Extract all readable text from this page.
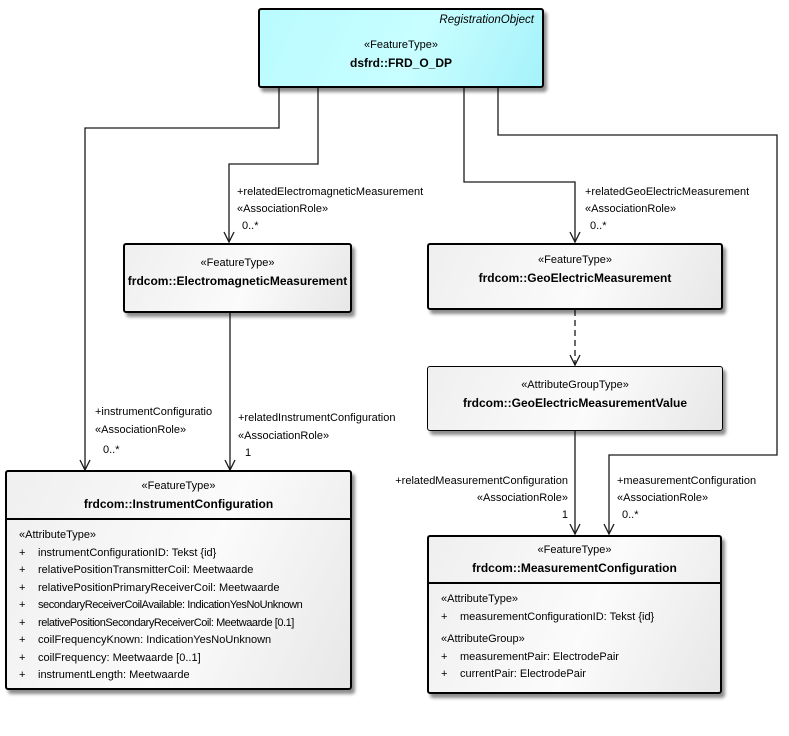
RegistrationObject
«FeatureType»
dsfrd::FRD_O_DP
«FeatureType»
frdcom::ElectromagneticMeasurement
«FeatureType»
frdcom::GeoElectricMeasurement
«AttributeGroupType»
frdcom::GeoElectricMeasurementValue
«FeatureType»
frdcom::InstrumentConfiguration
«AttributeType»
+	instrumentConfigurationID: Tekst {id}
+	relativePositionTransmitterCoil: Meetwaarde
+	relativePositionPrimaryReceiverCoil: Meetwaarde
+	secondaryReceiverCoilAvailable: IndicationYesNoUnknown
+	relativePositionSecondaryReceiverCoil: Meetwaarde [0.1]
+	coilFrequencyKnown: IndicationYesNoUnknown
+	coilFrequency: Meetwaarde [0..1]
+	instrumentLength: Meetwaarde
«FeatureType»
frdcom::MeasurementConfiguration
«AttributeType»
+	measurementConfigurationID: Tekst {id}
«AttributeGroup»
+	measurementPair: ElectrodePair
+	currentPair: ElectrodePair
+relatedElectromagneticMeasurement
«AssociationRole»
0..*
+relatedGeoElectricMeasurement
«AssociationRole»
0..*
+instrumentConfiguratio
«AssociationRole»
0..*
+relatedInstrumentConfiguration
«AssociationRole»
1
+relatedMeasurementConfiguration
«AssociationRole»
1
+measurementConfiguration
«AssociationRole»
0..*
